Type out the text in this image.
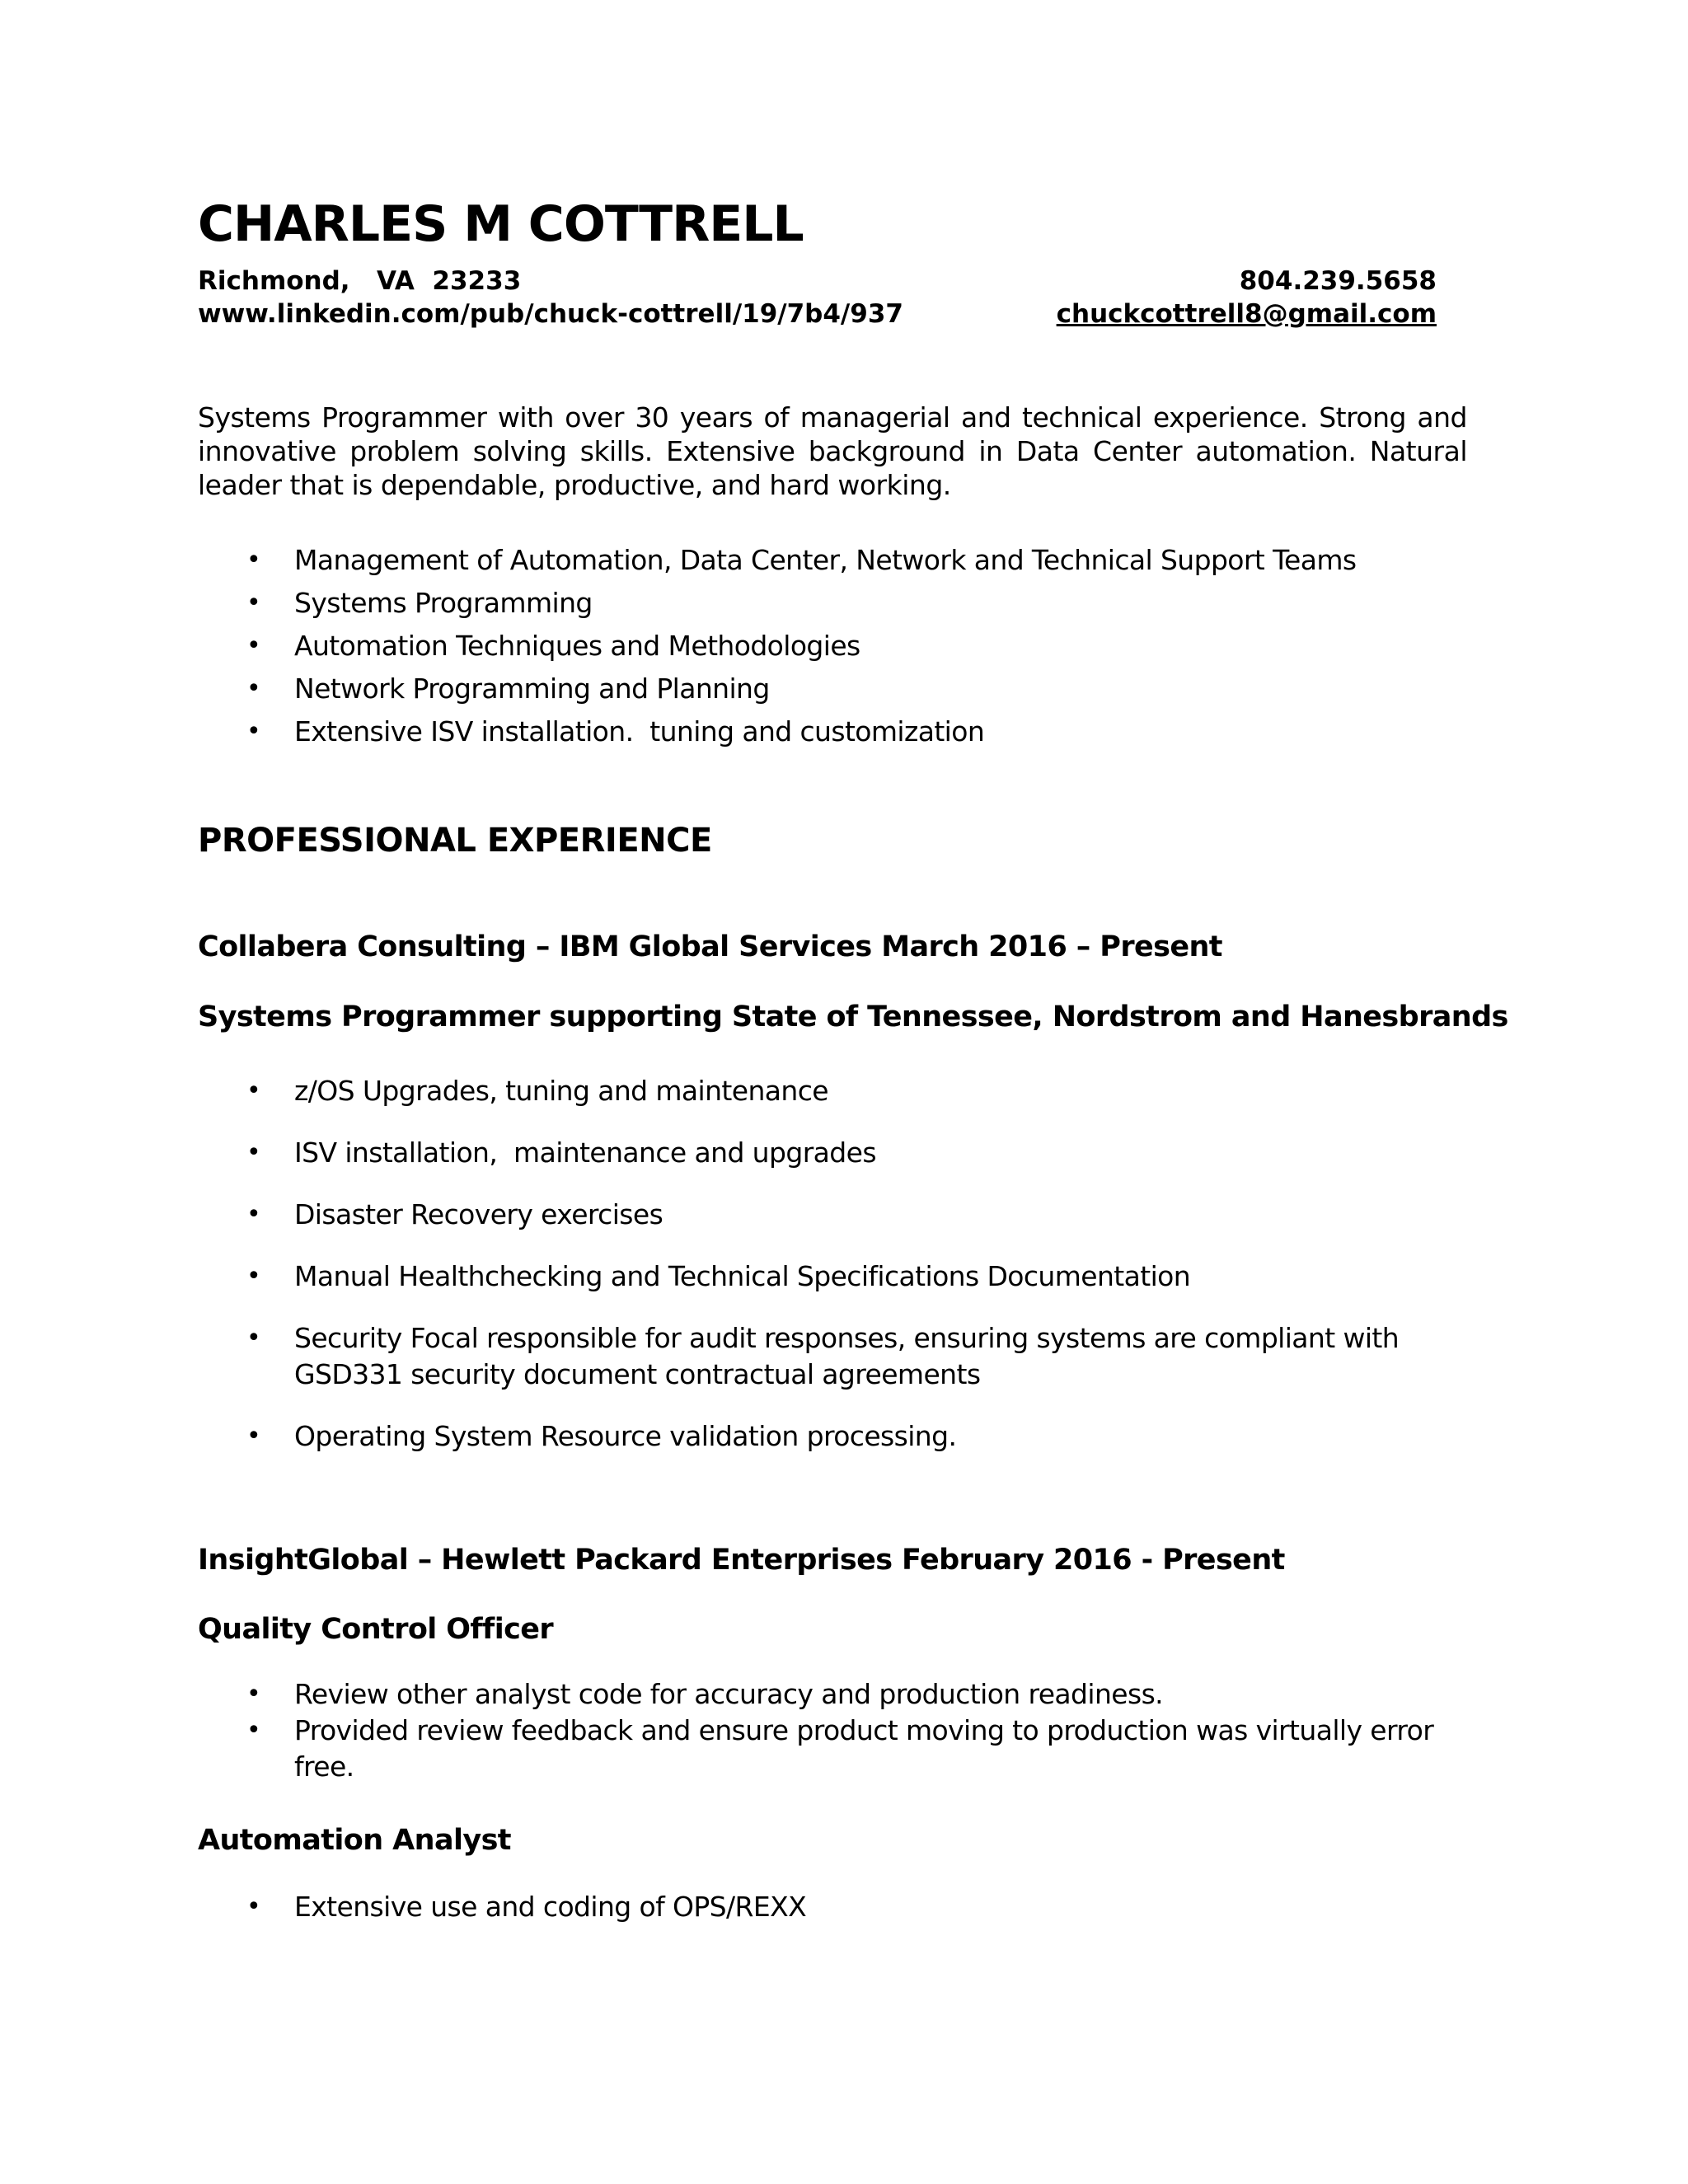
CHARLES M COTTRELL
Richmond,   VA  23233	804.239.5658
www.linkedin.com/pub/chuck-cottrell/19/7b4/937	chuckcottrell8@gmail.com
Systems Programmer with over 30 years of managerial and technical experience. Strong and innovative problem solving skills. Extensive background in Data Center automation. Natural leader that is dependable, productive, and hard working.
• Management of Automation, Data Center, Network and Technical Support Teams
• Systems Programming
• Automation Techniques and Methodologies
• Network Programming and Planning
• Extensive ISV installation.  tuning and customization
PROFESSIONAL EXPERIENCE
Collabera Consulting – IBM Global Services March 2016 – Present
Systems Programmer supporting State of Tennessee, Nordstrom and Hanesbrands
• z/OS Upgrades, tuning and maintenance
• ISV installation,  maintenance and upgrades
• Disaster Recovery exercises
• Manual Healthchecking and Technical Specifications Documentation
• Security Focal responsible for audit responses, ensuring systems are compliant with GSD331 security document contractual agreements
• Operating System Resource validation processing.
InsightGlobal – Hewlett Packard Enterprises February 2016 - Present
Quality Control Officer
• Review other analyst code for accuracy and production readiness.
• Provided review feedback and ensure product moving to production was virtually error free.
Automation Analyst
• Extensive use and coding of OPS/REXX
